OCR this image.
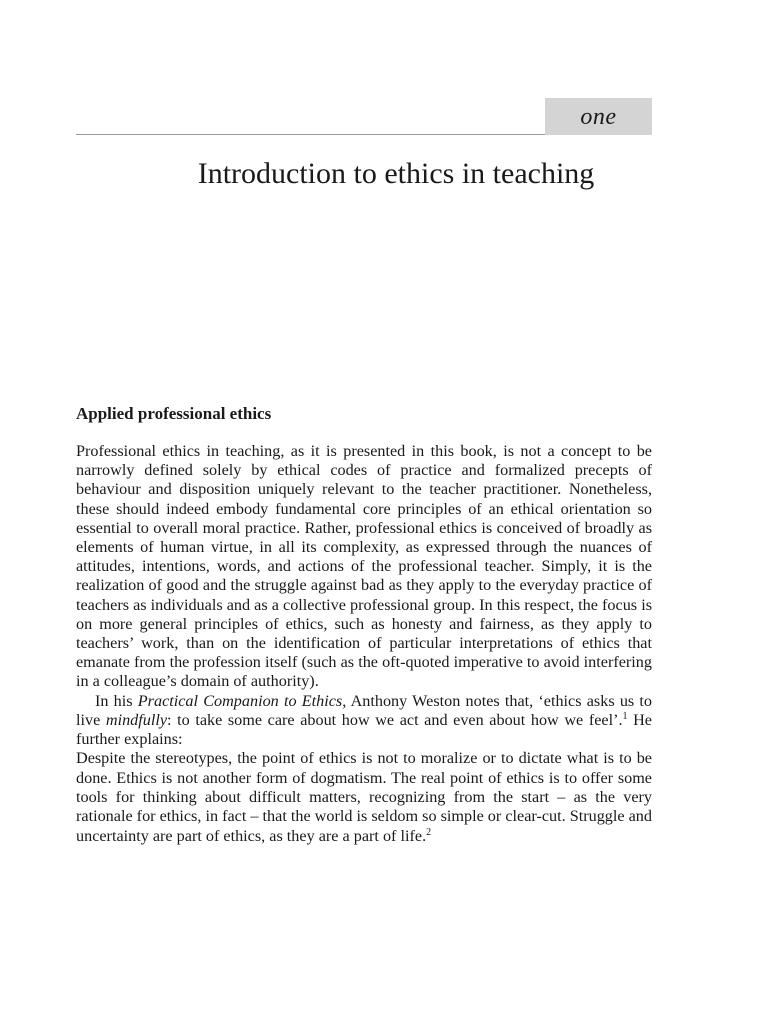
one
Introduction to ethics in teaching
Applied professional ethics

Professional ethics in teaching, as it is presented in this book, is not a concept to be narrowly defined solely by ethical codes of practice and formalized precepts of behaviour and disposition uniquely relevant to the teacher practitioner. Nonetheless, these should indeed embody fundamental core principles of an ethical orientation so essential to overall moral practice. Rather, professional ethics is conceived of broadly as elements of human virtue, in all its complexity, as expressed through the nuances of attitudes, intentions, words, and actions of the professional teacher. Simply, it is the realization of good and the struggle against bad as they apply to the everyday practice of teachers as individuals and as a collective professional group. In this respect, the focus is on more general principles of ethics, such as honesty and fairness, as they apply to teachers’ work, than on the identification of particular interpretations of ethics that emanate from the profession itself (such as the oft-quoted imperative to avoid interfering in a colleague’s domain of authority).

In his Practical Companion to Ethics, Anthony Weston notes that, ‘ethics asks us to live mindfully: to take some care about how we act and even about how we feel’.$^1$ He further explains:

Despite the stereotypes, the point of ethics is not to moralize or to dictate what is to be done. Ethics is not another form of dogmatism. The real point of ethics is to offer some tools for thinking about difficult matters, recognizing from the start – as the very rationale for ethics, in fact – that the world is seldom so simple or clear-cut. Struggle and uncertainty are part of ethics, as they are a part of life.$^2$
